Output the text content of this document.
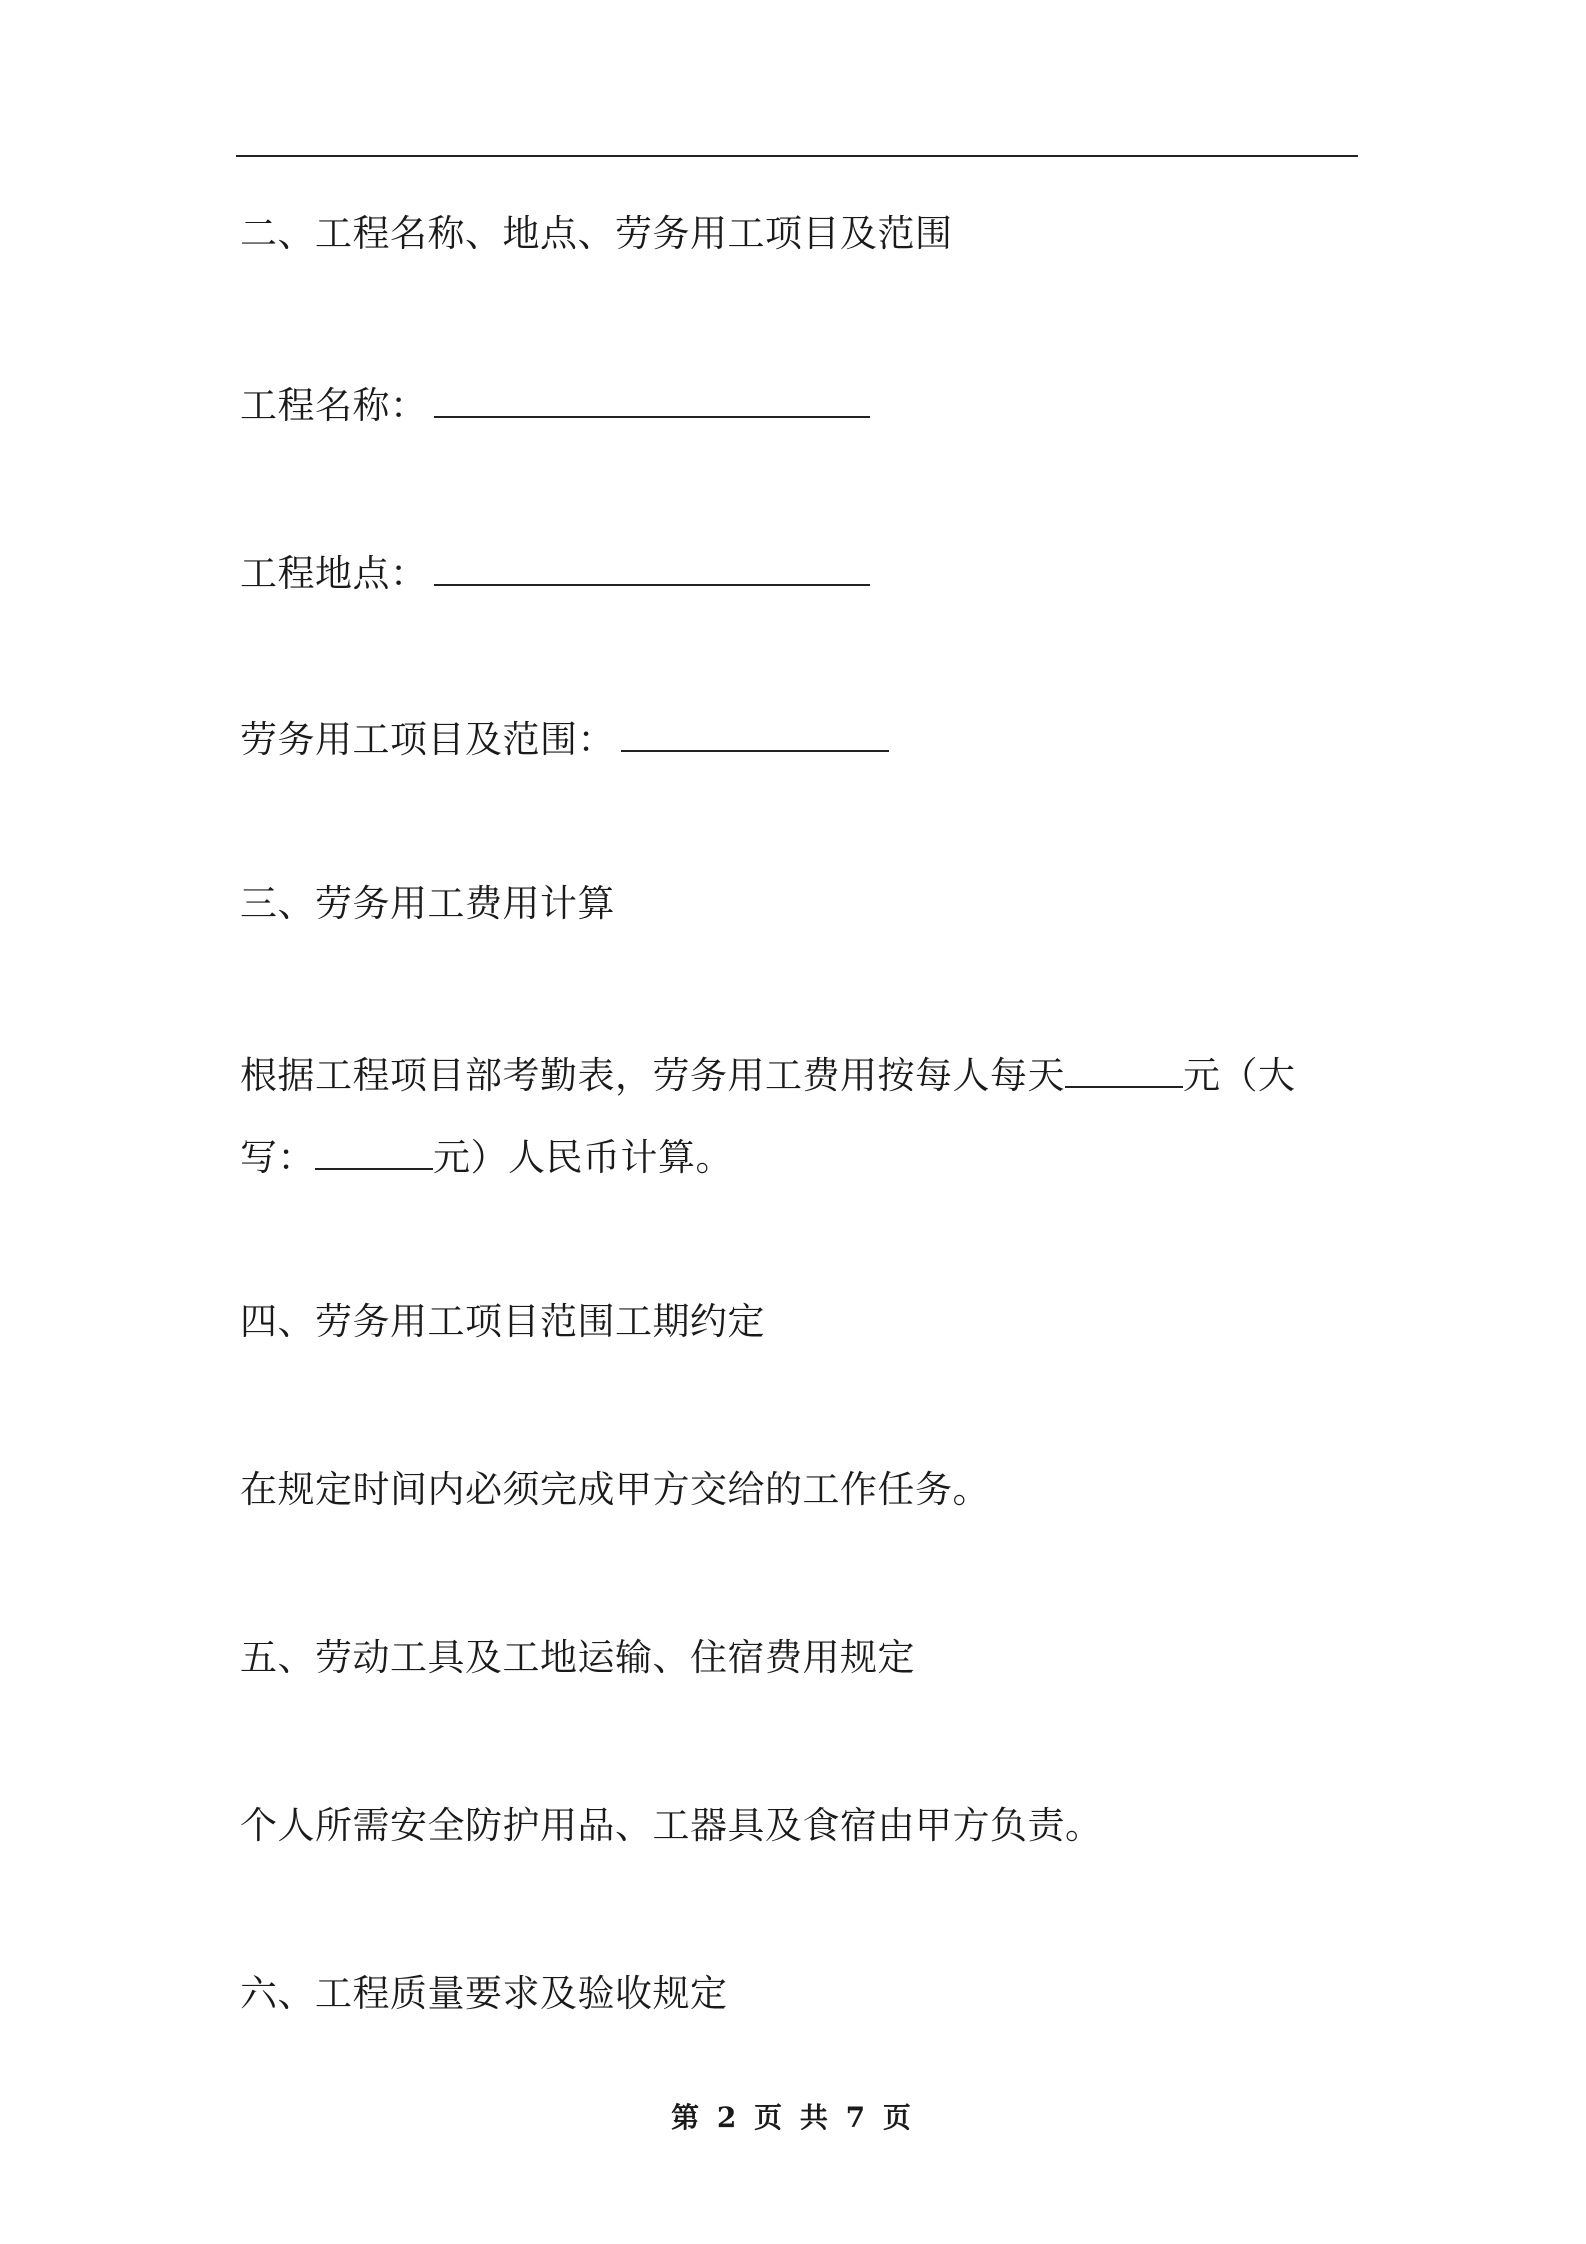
二、工程名称、地点、劳务用工项目及范围
工程名称：
工程地点：
劳务用工项目及范围：
三、劳务用工费用计算
根据工程项目部考勤表，劳务用工费用按每人每天	元（大
写：	元）人民币计算。
四、劳务用工项目范围工期约定
在规定时间内必须完成甲方交给的工作任务。
五、劳动工具及工地运输、住宿费用规定
个人所需安全防护用品、工器具及食宿由甲方负责。
六、工程质量要求及验收规定
第 2 页 共 7 页
